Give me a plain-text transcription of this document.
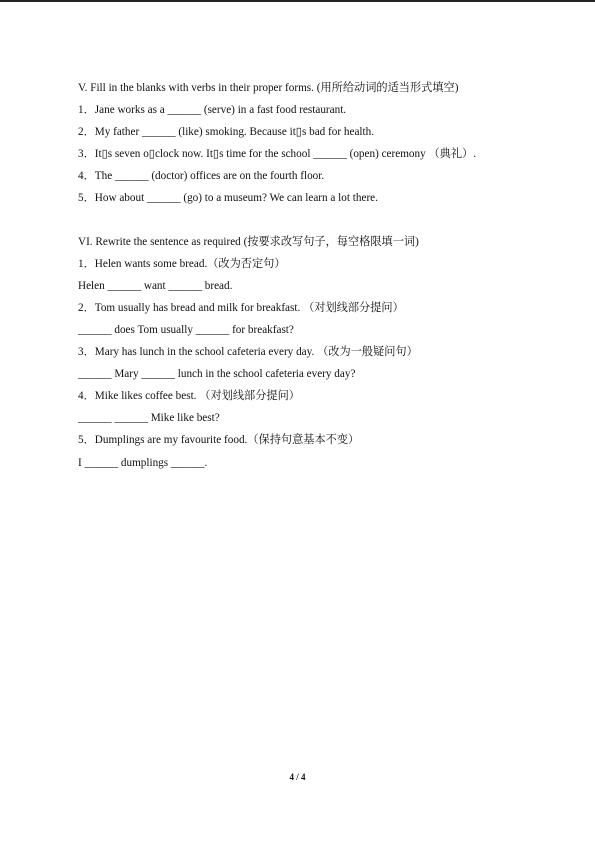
V. Fill in the blanks with verbs in their proper forms. (用所给动词的适当形式填空)
1．Jane works as a ______ (serve) in a fast food restaurant.
2．My father ______ (like) smoking. Because it▯s bad for health.
3．It▯s seven o▯clock now. It▯s time for the school ______ (open) ceremony （典礼）.
4．The ______ (doctor) offices are on the fourth floor.
5．How about ______ (go) to a museum? We can learn a lot there.
VI. Rewrite the sentence as required (按要求改写句子，每空格限填一词)
1．Helen wants some bread.（改为否定句）
Helen ______ want ______ bread.
2．Tom usually has bread and milk for breakfast. （对划线部分提问）
______ does Tom usually ______ for breakfast?
3．Mary has lunch in the school cafeteria every day. （改为一般疑问句）
______ Mary ______ lunch in the school cafeteria every day?
4．Mike likes coffee best. （对划线部分提问）
______ ______ Mike like best?
5．Dumplings are my favourite food.（保持句意基本不变）
I ______ dumplings ______.
4 / 4
